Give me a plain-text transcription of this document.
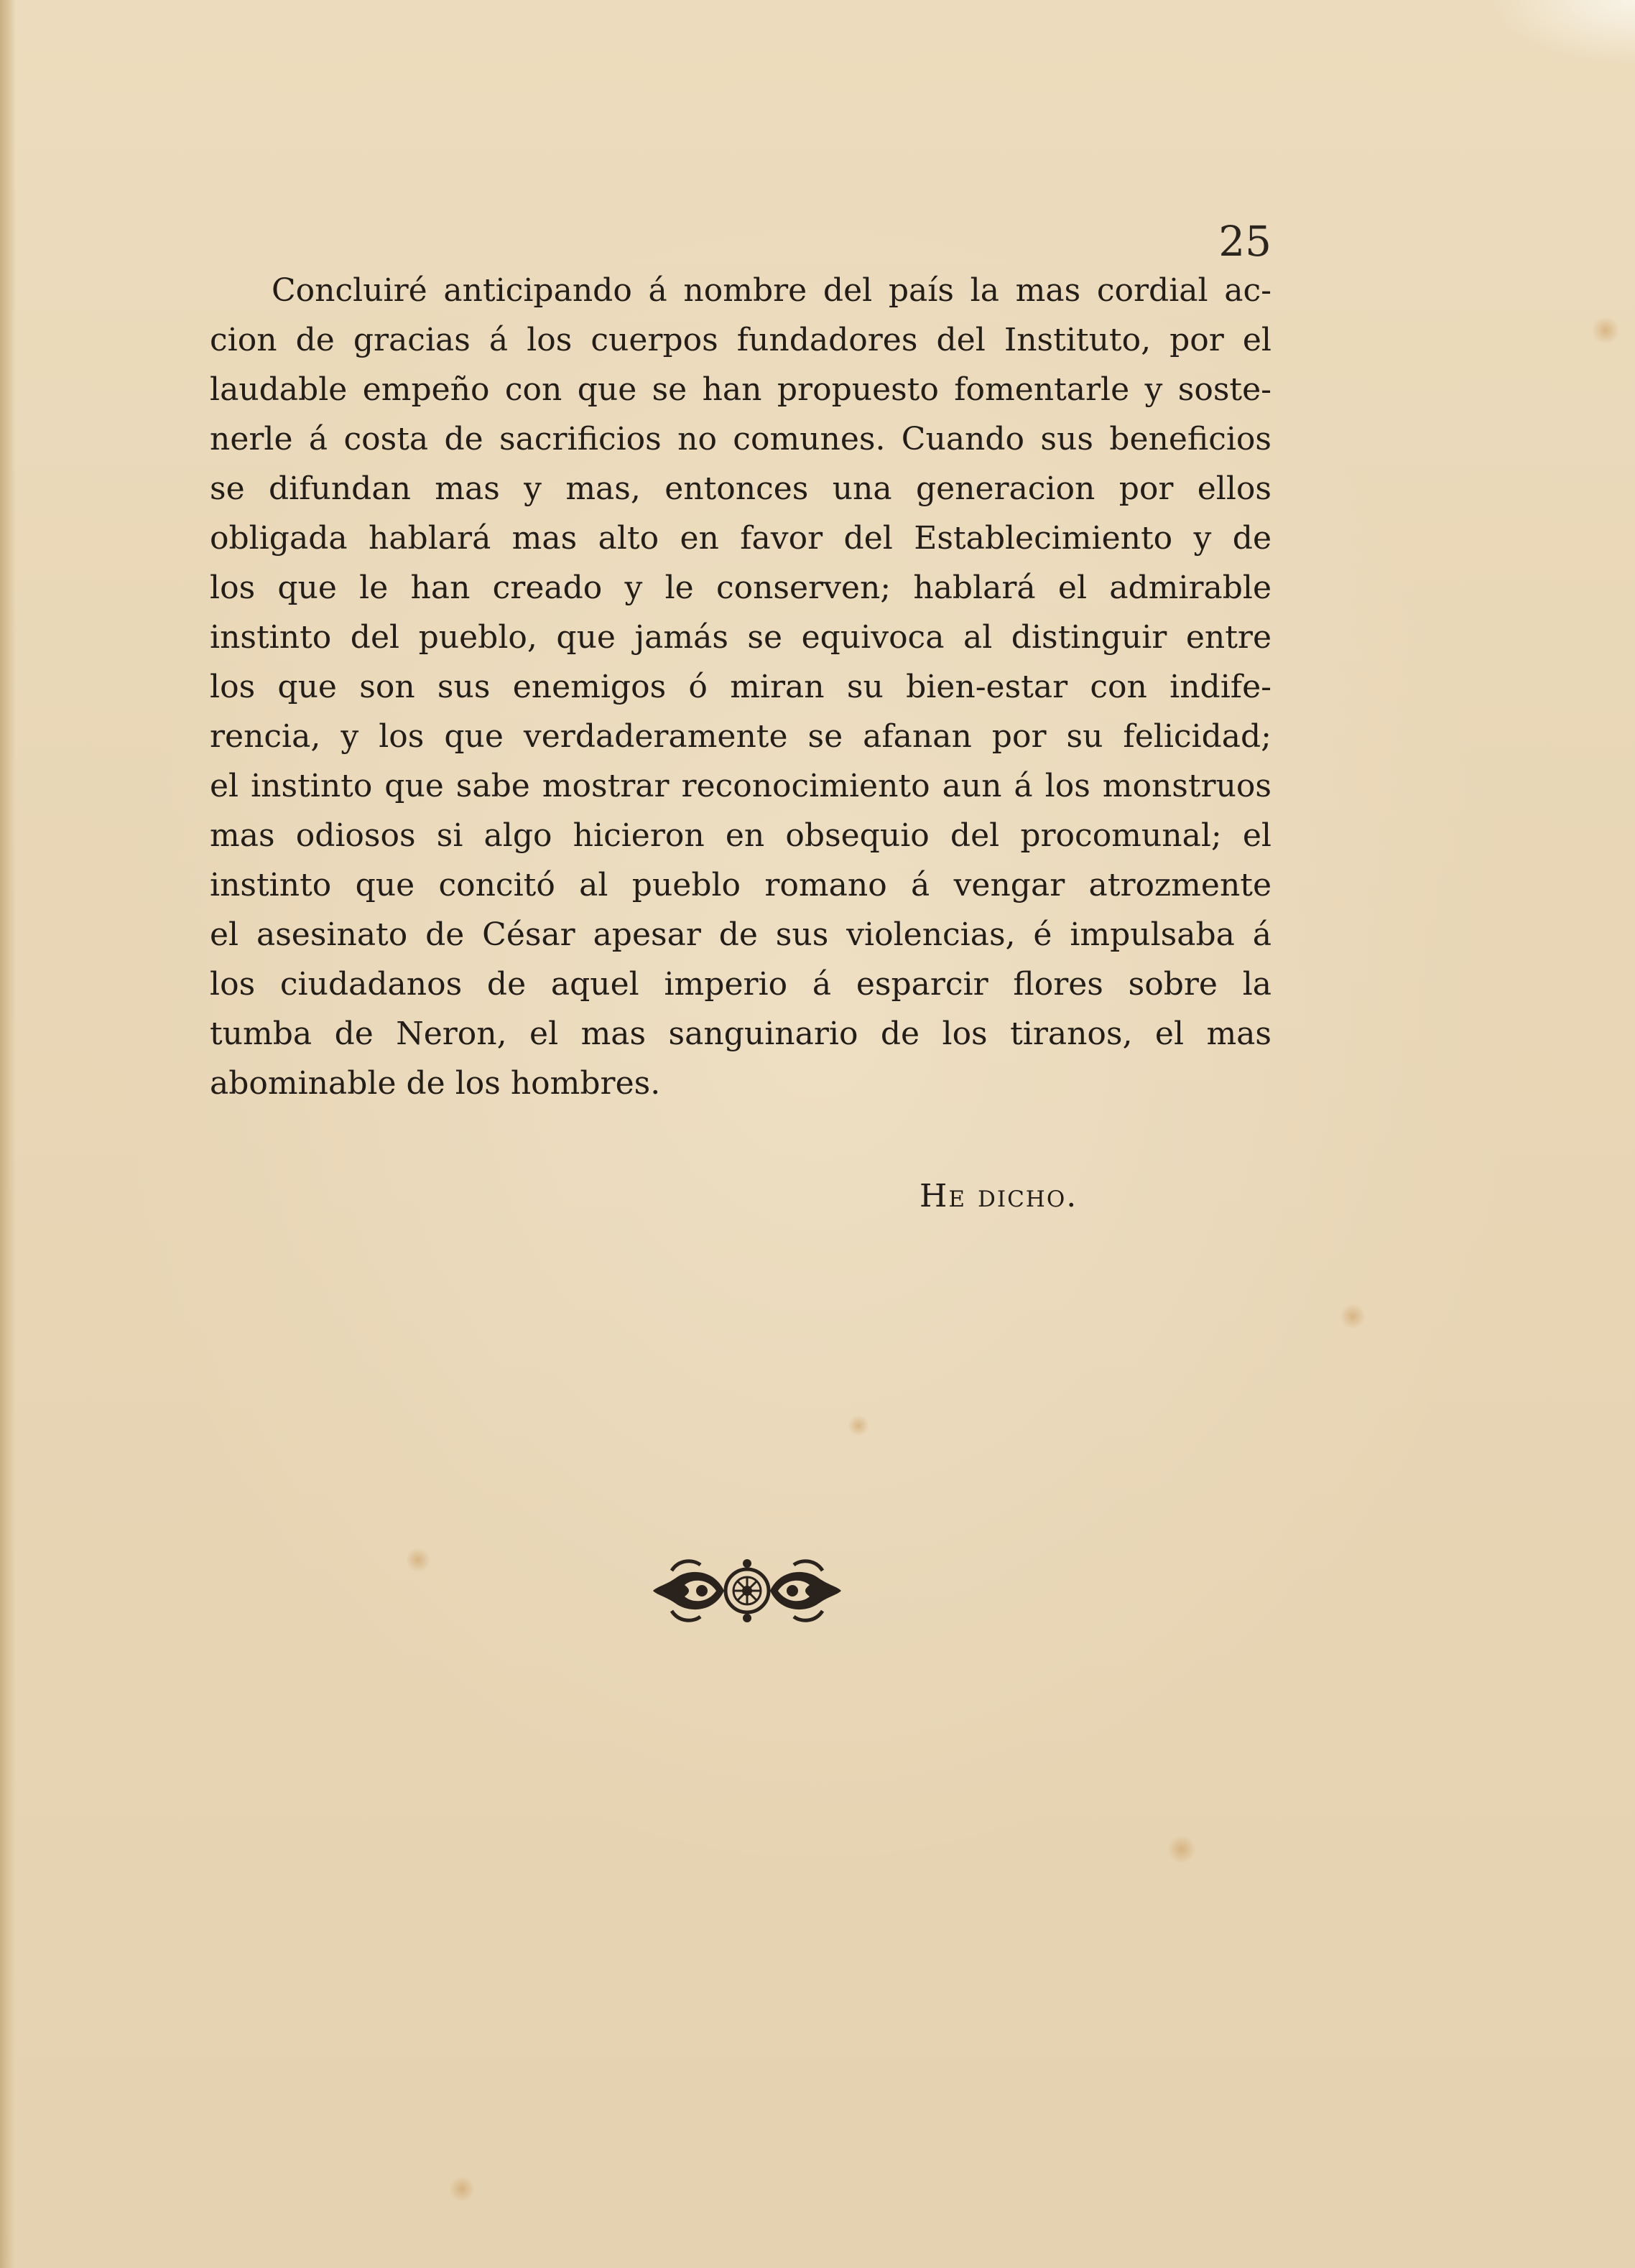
25
Concluiré anticipando á nombre del país la mas cordial ac-
cion de gracias á los cuerpos fundadores del Instituto, por el
laudable empeño con que se han propuesto fomentarle y soste-
nerle á costa de sacrificios no comunes. Cuando sus beneficios
se difundan mas y mas, entonces una generacion por ellos
obligada hablará mas alto en favor del Establecimiento y de
los que le han creado y le conserven; hablará el admirable
instinto del pueblo, que jamás se equivoca al distinguir entre
los que son sus enemigos ó miran su bien-estar con indife-
rencia, y los que verdaderamente se afanan por su felicidad;
el instinto que sabe mostrar reconocimiento aun á los monstruos
mas odiosos si algo hicieron en obsequio del procomunal; el
instinto que concitó al pueblo romano á vengar atrozmente
el asesinato de César apesar de sus violencias, é impulsaba á
los ciudadanos de aquel imperio á esparcir flores sobre la
tumba de Neron, el mas sanguinario de los tiranos, el mas
abominable de los hombres.
He dicho.
